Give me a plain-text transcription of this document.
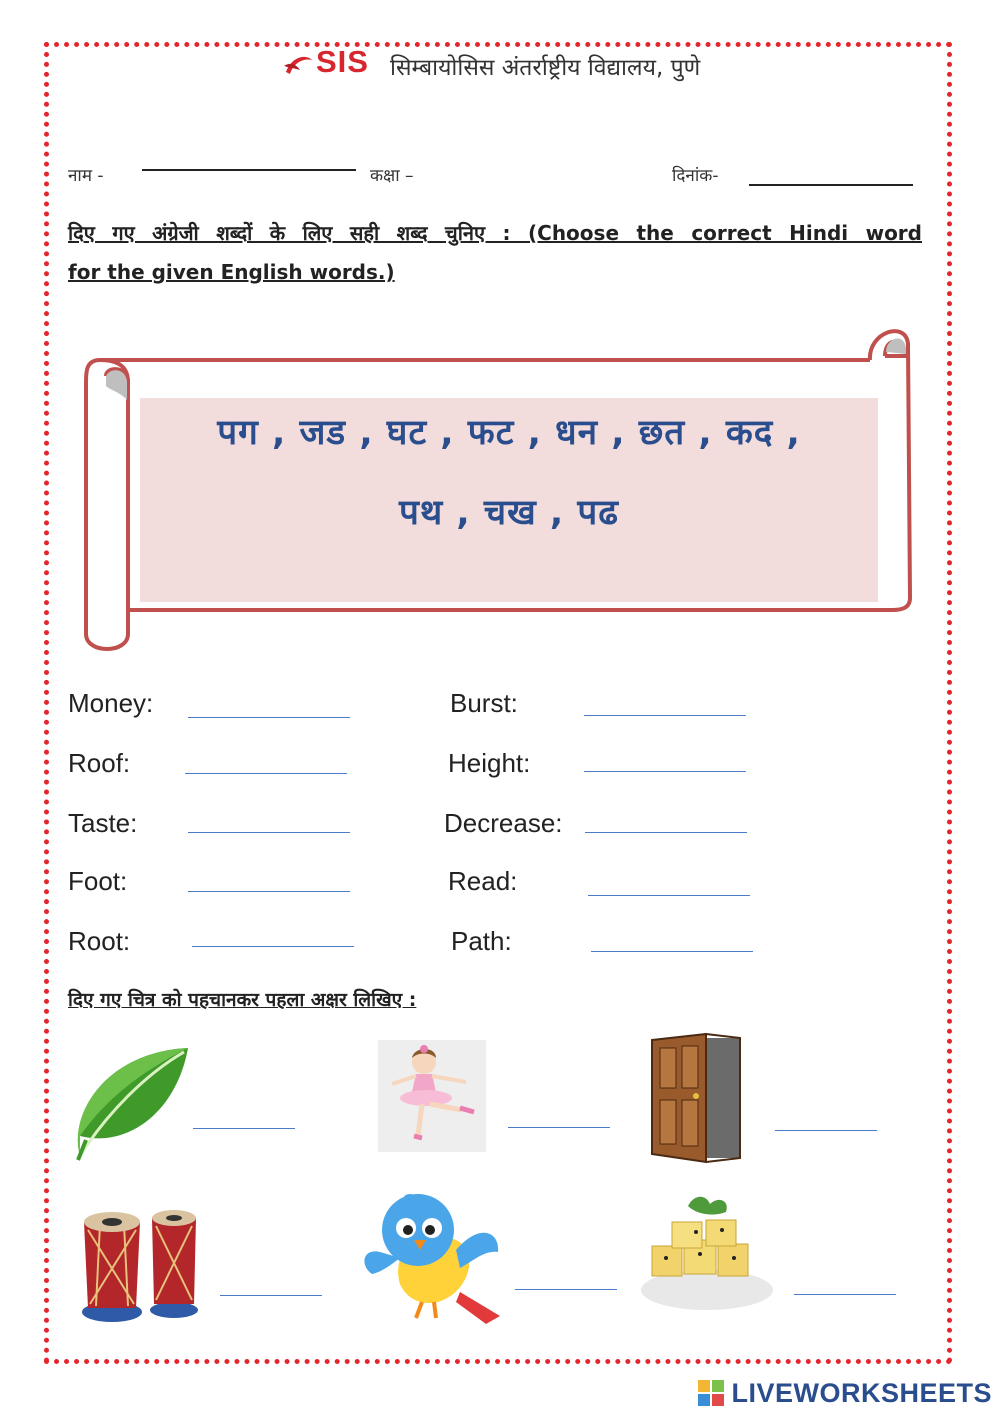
SIS सिम्बायोसिस अंतर्राष्ट्रीय विद्यालय, पुणे
नाम -	कक्षा –	दिनांक-
दिए गए अंग्रेजी शब्दों के लिए सही शब्द चुनिए : (Choose the correct Hindi word
for the given English words.)
पग , जड , घट , फट , धन , छत , कद ,
पथ , चख , पढ
Money:
Roof:
Taste:
Foot:
Root:
Burst:
Height:
Decrease:
Read:
Path:
दिए गए चित्र को पहचानकर पहला अक्षर लिखिए :
LIVEWORKSHEETS
